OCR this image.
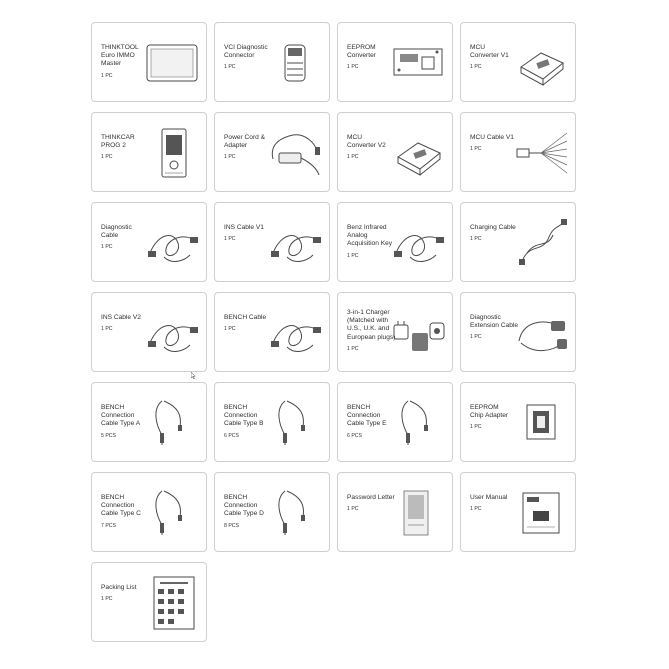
THINKTOOL
Euro IMMO
Master
1 PC
VCI Diagnostic
Connector
1 PC
EEPROM
Converter
1 PC
MCU
Converter V1
1 PC
THINKCAR
PROG 2
1 PC
Power Cord &
Adapter
1 PC
MCU
Converter V2
1 PC
MCU Cable V1
1 PC
Diagnostic
Cable
1 PC
INS Cable V1
1 PC
Benz Infrared
Analog
Acquisition Key
1 PC
Charging Cable
1 PC
INS Cable V2
1 PC
BENCH Cable
1 PC
3-in-1 Charger
(Matched with
U.S., U.K. and
European plugs)
1 PC
Diagnostic
Extension Cable
1 PC
BENCH
Connection
Cable Type A
5 PCS
BENCH
Connection
Cable Type B
6 PCS
BENCH
Connection
Cable Type E
6 PCS
EEPROM
Chip Adapter
1 PC
BENCH
Connection
Cable Type C
7 PCS
BENCH
Connection
Cable Type D
8 PCS
Password Letter
1 PC
User Manual
1 PC
Packing List
1 PC
